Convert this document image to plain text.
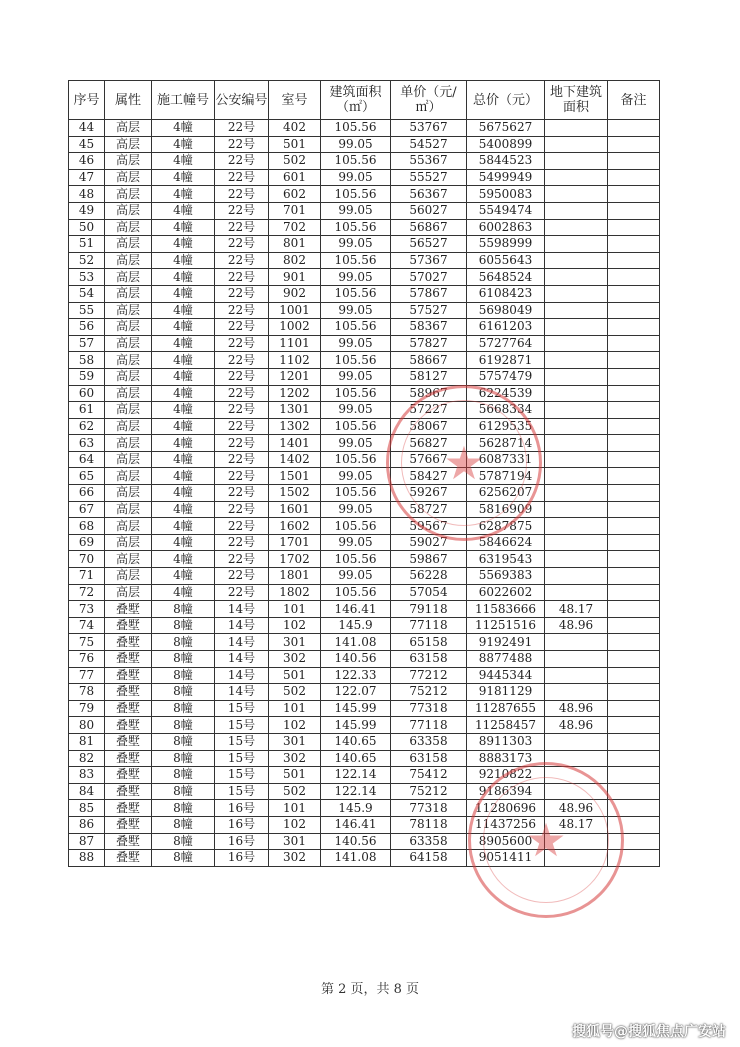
序号	属性	施工幢号	公安编号	室号	建筑面积（㎡）	单价（元/㎡）	总价（元）	地下建筑面积	备注
44	高层	4幢	22号	402	105.56	53767	5675627		
45	高层	4幢	22号	501	99.05	54527	5400899		
46	高层	4幢	22号	502	105.56	55367	5844523		
47	高层	4幢	22号	601	99.05	55527	5499949		
48	高层	4幢	22号	602	105.56	56367	5950083		
49	高层	4幢	22号	701	99.05	56027	5549474		
50	高层	4幢	22号	702	105.56	56867	6002863		
51	高层	4幢	22号	801	99.05	56527	5598999		
52	高层	4幢	22号	802	105.56	57367	6055643		
53	高层	4幢	22号	901	99.05	57027	5648524		
54	高层	4幢	22号	902	105.56	57867	6108423		
55	高层	4幢	22号	1001	99.05	57527	5698049		
56	高层	4幢	22号	1002	105.56	58367	6161203		
57	高层	4幢	22号	1101	99.05	57827	5727764		
58	高层	4幢	22号	1102	105.56	58667	6192871		
59	高层	4幢	22号	1201	99.05	58127	5757479		
60	高层	4幢	22号	1202	105.56	58967	6224539		
61	高层	4幢	22号	1301	99.05	57227	5668334		
62	高层	4幢	22号	1302	105.56	58067	6129535		
63	高层	4幢	22号	1401	99.05	56827	5628714		
64	高层	4幢	22号	1402	105.56	57667	6087331		
65	高层	4幢	22号	1501	99.05	58427	5787194		
66	高层	4幢	22号	1502	105.56	59267	6256207		
67	高层	4幢	22号	1601	99.05	58727	5816909		
68	高层	4幢	22号	1602	105.56	59567	6287875		
69	高层	4幢	22号	1701	99.05	59027	5846624		
70	高层	4幢	22号	1702	105.56	59867	6319543		
71	高层	4幢	22号	1801	99.05	56228	5569383		
72	高层	4幢	22号	1802	105.56	57054	6022602		
73	叠墅	8幢	14号	101	146.41	79118	11583666	48.17	
74	叠墅	8幢	14号	102	145.9	77118	11251516	48.96	
75	叠墅	8幢	14号	301	141.08	65158	9192491		
76	叠墅	8幢	14号	302	140.56	63158	8877488		
77	叠墅	8幢	14号	501	122.33	77212	9445344		
78	叠墅	8幢	14号	502	122.07	75212	9181129		
79	叠墅	8幢	15号	101	145.99	77318	11287655	48.96	
80	叠墅	8幢	15号	102	145.99	77118	11258457	48.96	
81	叠墅	8幢	15号	301	140.65	63358	8911303		
82	叠墅	8幢	15号	302	140.65	63158	8883173		
83	叠墅	8幢	15号	501	122.14	75412	9210822		
84	叠墅	8幢	15号	502	122.14	75212	9186394		
85	叠墅	8幢	16号	101	145.9	77318	11280696	48.96	
86	叠墅	8幢	16号	102	146.41	78118	11437256	48.17	
87	叠墅	8幢	16号	301	140.56	63358	8905600		
88	叠墅	8幢	16号	302	141.08	64158	9051411		
★
★
第 2 页，共 8 页
搜狐号@搜狐焦点广安站
